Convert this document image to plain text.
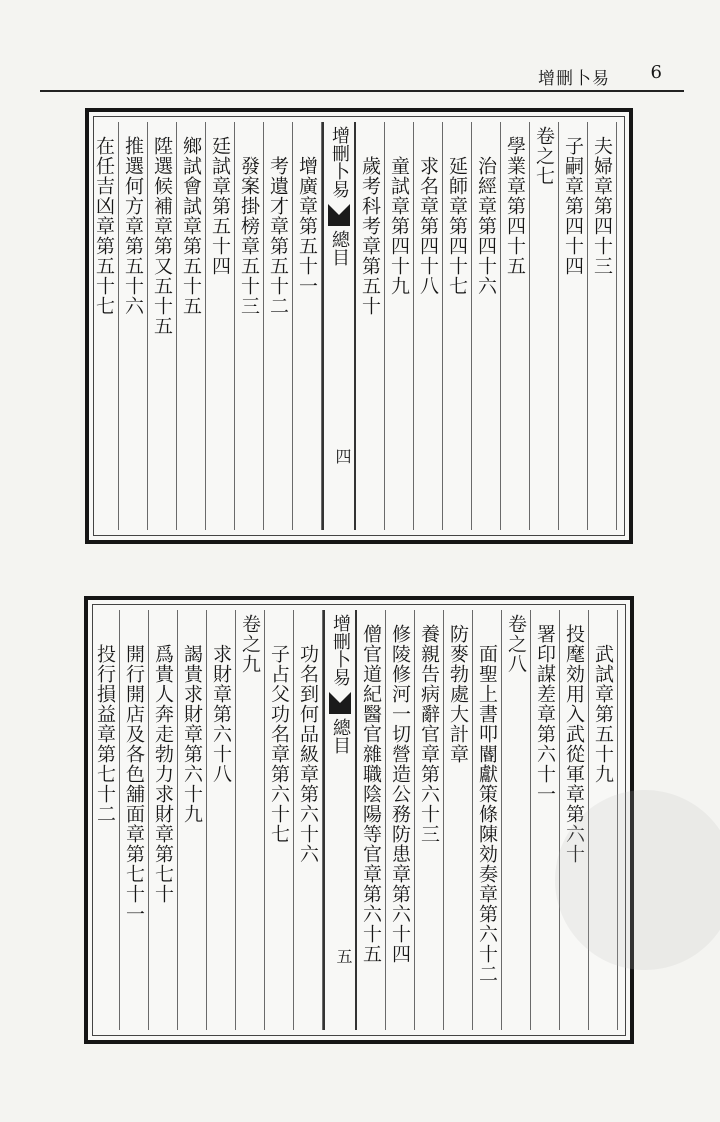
增刪卜易 6
夫婦章第四十三
子嗣章第四十四
卷之七
學業章第四十五
治經章第四十六
延師章第四十七
求名章第四十八
童試章第四十九
歲考科考章第五十
增刪卜易
總目
四
增廣章第五十一
考遺才章第五十二
發案掛榜章五十三
廷試章第五十四
鄉試會試章第五十五
陞選候補章第又五十五
推選何方章第五十六
在任吉凶章第五十七
武試章第五十九
投麾効用入武從軍章第六十
署印謀差章第六十一
卷之八
面聖上書叩閽獻策條陳効奏章第六十二
防麥勃處大計章
養親告病辭官章第六十三
修陵修河一切營造公務防患章第六十四
僧官道紀醫官雜職陰陽等官章第六十五
增刪卜易
總目
五
功名到何品級章第六十六
子占父功名章第六十七
卷之九
求財章第六十八
謁貴求財章第六十九
爲貴人奔走勃力求財章第七十
開行開店及各色舖面章第七十一
投行損益章第七十二
